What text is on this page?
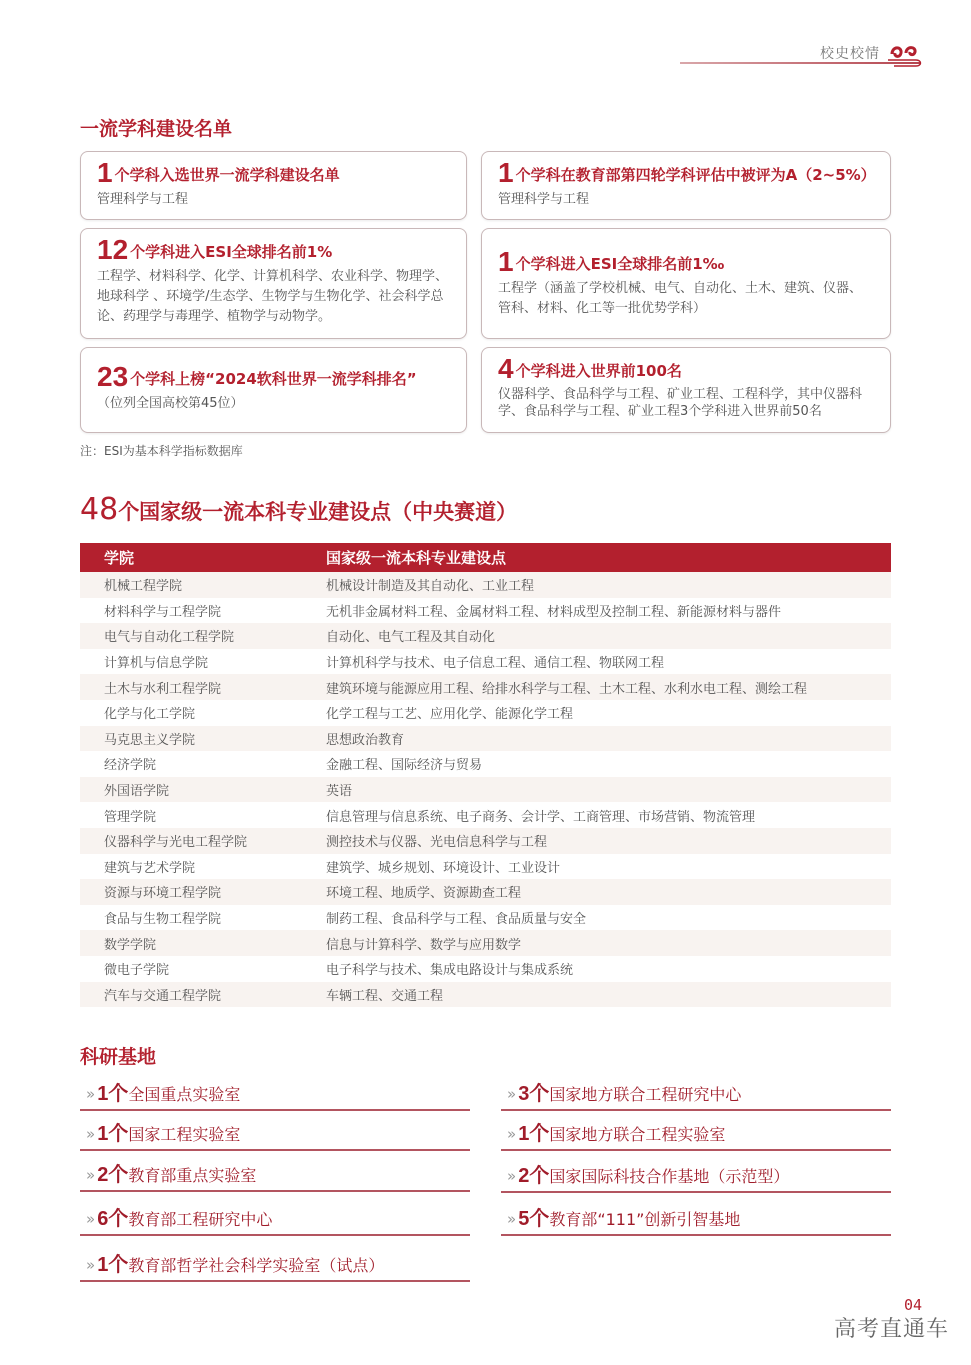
校史校情
一流学科建设名单
1 个学科入选世界一流学科建设名单
管理科学与工程
1 个学科在教育部第四轮学科评估中被评为A（2~5%）
管理科学与工程
12 个学科进入ESI全球排名前1%
工程学、材料科学、化学、计算机科学、农业科学、物理学、地球科学 、环境学/生态学、生物学与生物化学、社会科学总论、药理学与毒理学、植物学与动物学。
1 个学科进入ESI全球排名前1‰
工程学（涵盖了学校机械、电气、自动化、土木、建筑、仪器、管科、材料、化工等一批优势学科）
23 个学科上榜“2024软科世界一流学科排名”
（位列全国高校第45位）
4 个学科进入世界前100名
仪器科学、食品科学与工程、矿业工程、工程科学，其中仪器科学、食品科学与工程、矿业工程3个学科进入世界前50名
注：ESI为基本科学指标数据库
48个国家级一流本科专业建设点（中央赛道）
学院	国家级一流本科专业建设点
机械工程学院	机械设计制造及其自动化、工业工程
材料科学与工程学院	无机非金属材料工程、金属材料工程、材料成型及控制工程、新能源材料与器件
电气与自动化工程学院	自动化、电气工程及其自动化
计算机与信息学院	计算机科学与技术、电子信息工程、通信工程、物联网工程
土木与水利工程学院	建筑环境与能源应用工程、给排水科学与工程、土木工程、水利水电工程、测绘工程
化学与化工学院	化学工程与工艺、应用化学、能源化学工程
马克思主义学院	思想政治教育
经济学院	金融工程、国际经济与贸易
外国语学院	英语
管理学院	信息管理与信息系统、电子商务、会计学、工商管理、市场营销、物流管理
仪器科学与光电工程学院	测控技术与仪器、光电信息科学与工程
建筑与艺术学院	建筑学、城乡规划、环境设计、工业设计
资源与环境工程学院	环境工程、地质学、资源勘查工程
食品与生物工程学院	制药工程、食品科学与工程、食品质量与安全
数学学院	信息与计算科学、数学与应用数学
微电子学院	电子科学与技术、集成电路设计与集成系统
汽车与交通工程学院	车辆工程、交通工程
科研基地
» 1个 全国重点实验室
» 1个 国家工程实验室
» 2个 教育部重点实验室
» 6个 教育部工程研究中心
» 1个 教育部哲学社会科学实验室（试点）
» 3个 国家地方联合工程研究中心
» 1个 国家地方联合工程实验室
» 2个 国家国际科技合作基地（示范型）
» 5个 教育部“111”创新引智基地
04
高考直通车
